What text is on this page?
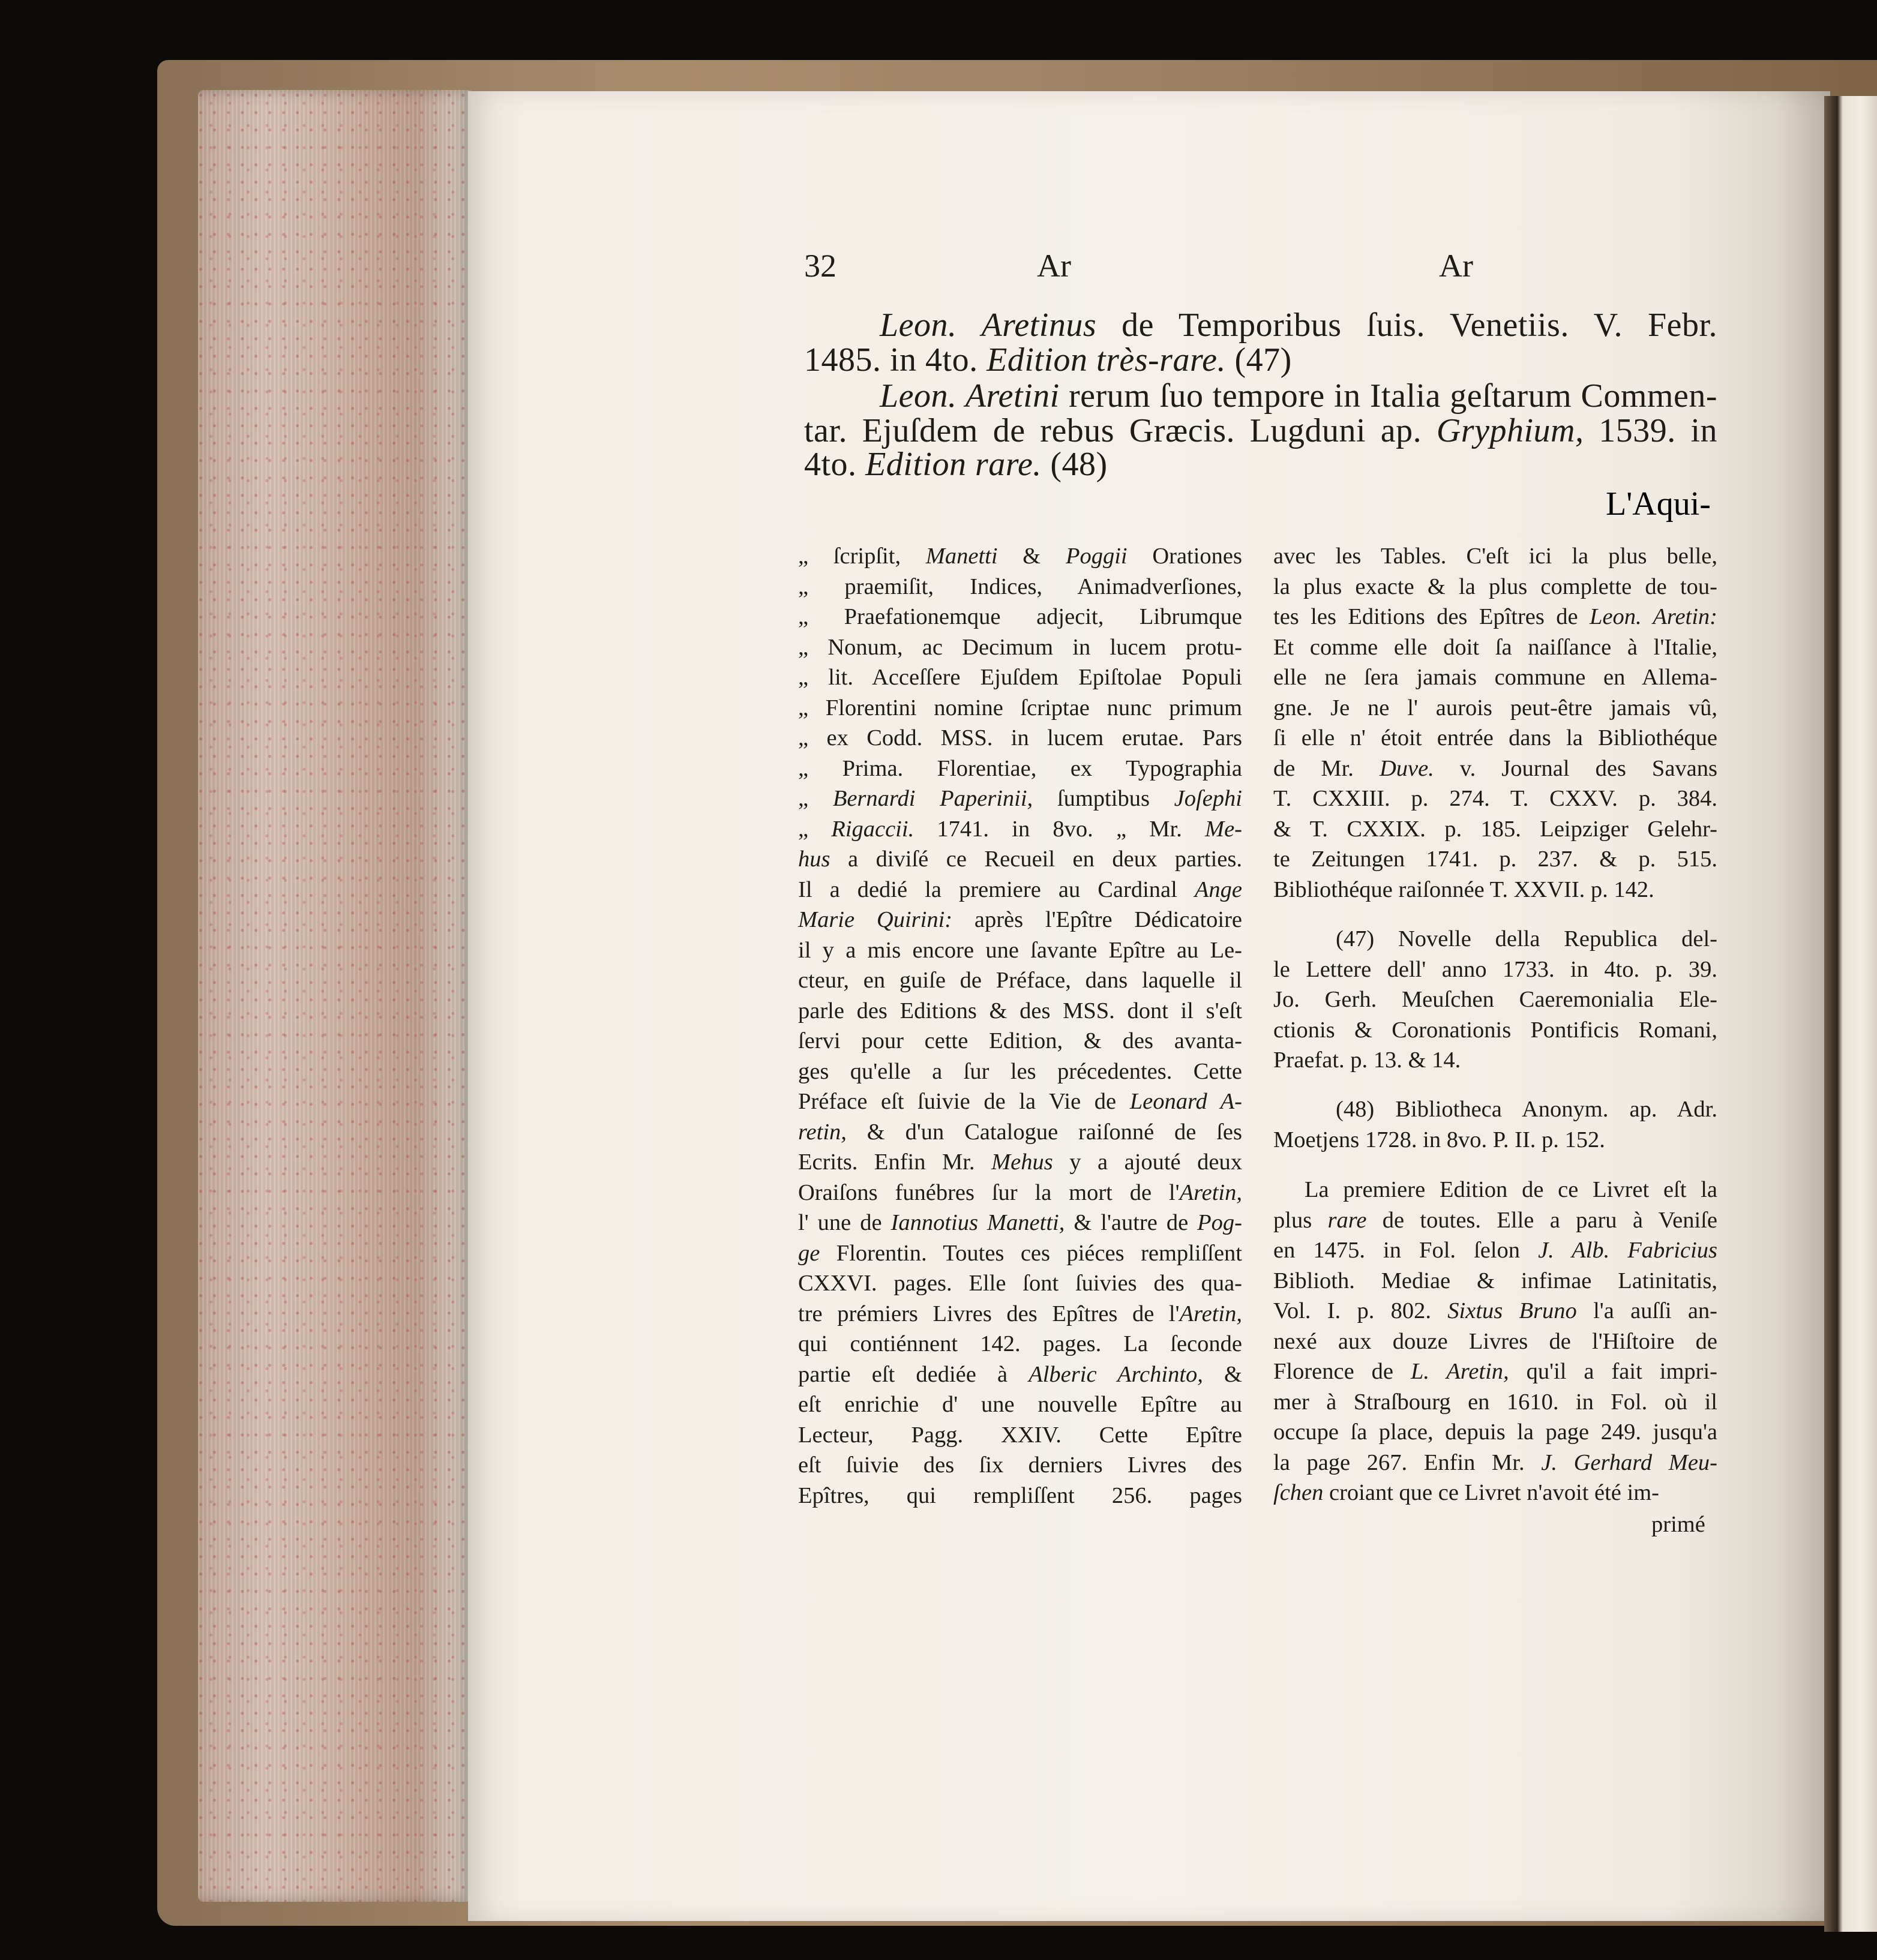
32	Ar	Ar
Leon. Aretinus de Temporibus ſuis. Venetiis. V. Febr.
1485. in 4to. Edition très-rare. (47)
Leon. Aretini rerum ſuo tempore in Italia geſtarum Commen-
tar. Ejuſdem de rebus Græcis. Lugduni ap. Gryphium, 1539. in
4to. Edition rare. (48)
L'Aqui-
„ ſcripſit, Manetti & Poggii Orationes
„ praemiſit, Indices, Animadverſiones,
„ Praefationemque adjecit, Librumque
„ Nonum, ac Decimum in lucem protu-
„ lit. Acceſſere Ejuſdem Epiſtolae Populi
„ Florentini nomine ſcriptae nunc primum
„ ex Codd. MSS. in lucem erutae. Pars
„ Prima. Florentiae, ex Typographia
„ Bernardi Paperinii, ſumptibus Joſephi
„ Rigaccii. 1741. in 8vo. „ Mr. Me-
hus a diviſé ce Recueil en deux parties.
Il a dedié la premiere au Cardinal Ange
Marie Quirini: après l'Epître Dédicatoire
il y a mis encore une ſavante Epître au Le-
cteur, en guiſe de Préface, dans laquelle il
parle des Editions & des MSS. dont il s'eſt
ſervi pour cette Edition, & des avanta-
ges qu'elle a ſur les précedentes. Cette
Préface eſt ſuivie de la Vie de Leonard A-
retin, & d'un Catalogue raiſonné de ſes
Ecrits. Enfin Mr. Mehus y a ajouté deux
Oraiſons funébres ſur la mort de l'Aretin,
l' une de Iannotius Manetti, & l'autre de Pog-
ge Florentin. Toutes ces piéces rempliſſent
CXXVI. pages. Elle ſont ſuivies des qua-
tre prémiers Livres des Epîtres de l'Aretin,
qui contiénnent 142. pages. La ſeconde
partie eſt dediée à Alberic Archinto, &
eſt enrichie d' une nouvelle Epître au
Lecteur, Pagg. XXIV. Cette Epître
eſt ſuivie des ſix derniers Livres des
Epîtres, qui rempliſſent 256. pages
avec les Tables. C'eſt ici la plus belle,
la plus exacte & la plus complette de tou-
tes les Editions des Epîtres de Leon. Aretin:
Et comme elle doit ſa naiſſance à l'Italie,
elle ne ſera jamais commune en Allema-
gne. Je ne l' aurois peut-être jamais vû,
ſi elle n' étoit entrée dans la Bibliothéque
de Mr. Duve. v. Journal des Savans
T. CXXIII. p. 274. T. CXXV. p. 384.
& T. CXXIX. p. 185. Leipziger Gelehr-
te Zeitungen 1741. p. 237. & p. 515.
Bibliothéque raiſonnée T. XXVII. p. 142.
(47) Novelle della Republica del-
le Lettere dell' anno 1733. in 4to. p. 39.
Jo. Gerh. Meuſchen Caeremonialia Ele-
ctionis & Coronationis Pontificis Romani,
Praefat. p. 13. & 14.
(48) Bibliotheca Anonym. ap. Adr.
Moetjens 1728. in 8vo. P. II. p. 152.
La premiere Edition de ce Livret eſt la
plus rare de toutes. Elle a paru à Veniſe
en 1475. in Fol. ſelon J. Alb. Fabricius
Biblioth. Mediae & infimae Latinitatis,
Vol. I. p. 802. Sixtus Bruno l'a auſſi an-
nexé aux douze Livres de l'Hiſtoire de
Florence de L. Aretin, qu'il a fait impri-
mer à Straſbourg en 1610. in Fol. où il
occupe ſa place, depuis la page 249. jusqu'a
la page 267. Enfin Mr. J. Gerhard Meu-
ſchen croiant que ce Livret n'avoit été im-
primé
